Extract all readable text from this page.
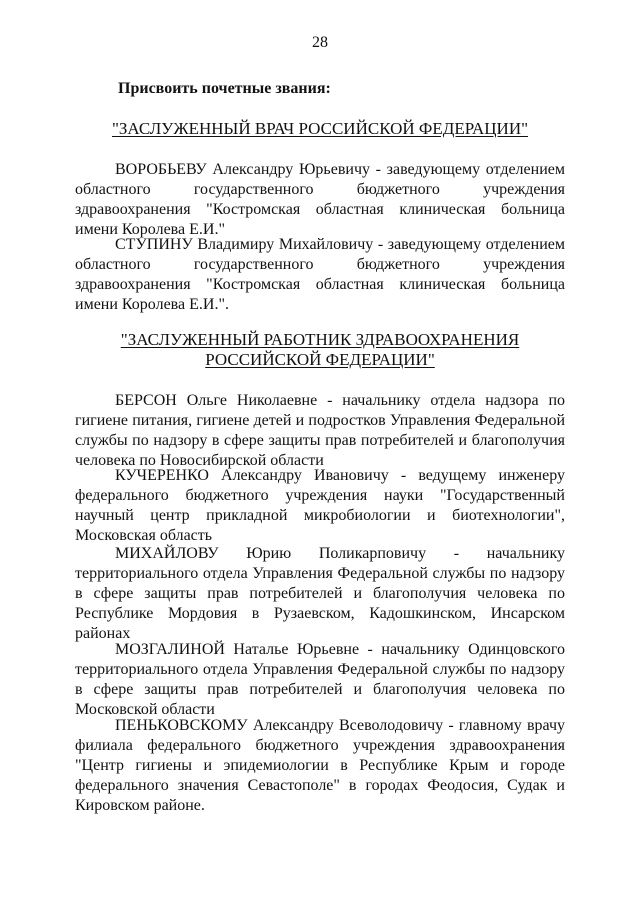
28
Присвоить почетные звания:
"ЗАСЛУЖЕННЫЙ ВРАЧ РОССИЙСКОЙ ФЕДЕРАЦИИ"

ВОРОБЬЕВУ Александру Юрьевичу - заведующему отделением областного государственного бюджетного учреждения здравоохранения "Костромская областная клиническая больница имени Королева Е.И."

СТУПИНУ Владимиру Михайловичу - заведующему отделением областного государственного бюджетного учреждения здравоохранения "Костромская областная клиническая больница имени Королева Е.И.".

"ЗАСЛУЖЕННЫЙ РАБОТНИК ЗДРАВООХРАНЕНИЯ РОССИЙСКОЙ ФЕДЕРАЦИИ"

БЕРСОН Ольге Николаевне - начальнику отдела надзора по гигиене питания, гигиене детей и подростков Управления Федеральной службы по надзору в сфере защиты прав потребителей и благополучия человека по Новосибирской области

КУЧЕРЕНКО Александру Ивановичу - ведущему инженеру федерального бюджетного учреждения науки "Государственный научный центр прикладной микробиологии и биотехнологии", Московская область

МИХАЙЛОВУ Юрию Поликарповичу - начальнику территориального отдела Управления Федеральной службы по надзору в сфере защиты прав потребителей и благополучия человека по Республике Мордовия в Рузаевском, Кадошкинском, Инсарском районах

МОЗГАЛИНОЙ Наталье Юрьевне - начальнику Одинцовского территориального отдела Управления Федеральной службы по надзору в сфере защиты прав потребителей и благополучия человека по Московской области

ПЕНЬКОВСКОМУ Александру Всеволодовичу - главному врачу филиала федерального бюджетного учреждения здравоохранения "Центр гигиены и эпидемиологии в Республике Крым и городе федерального значения Севастополе" в городах Феодосия, Судак и Кировском районе.
